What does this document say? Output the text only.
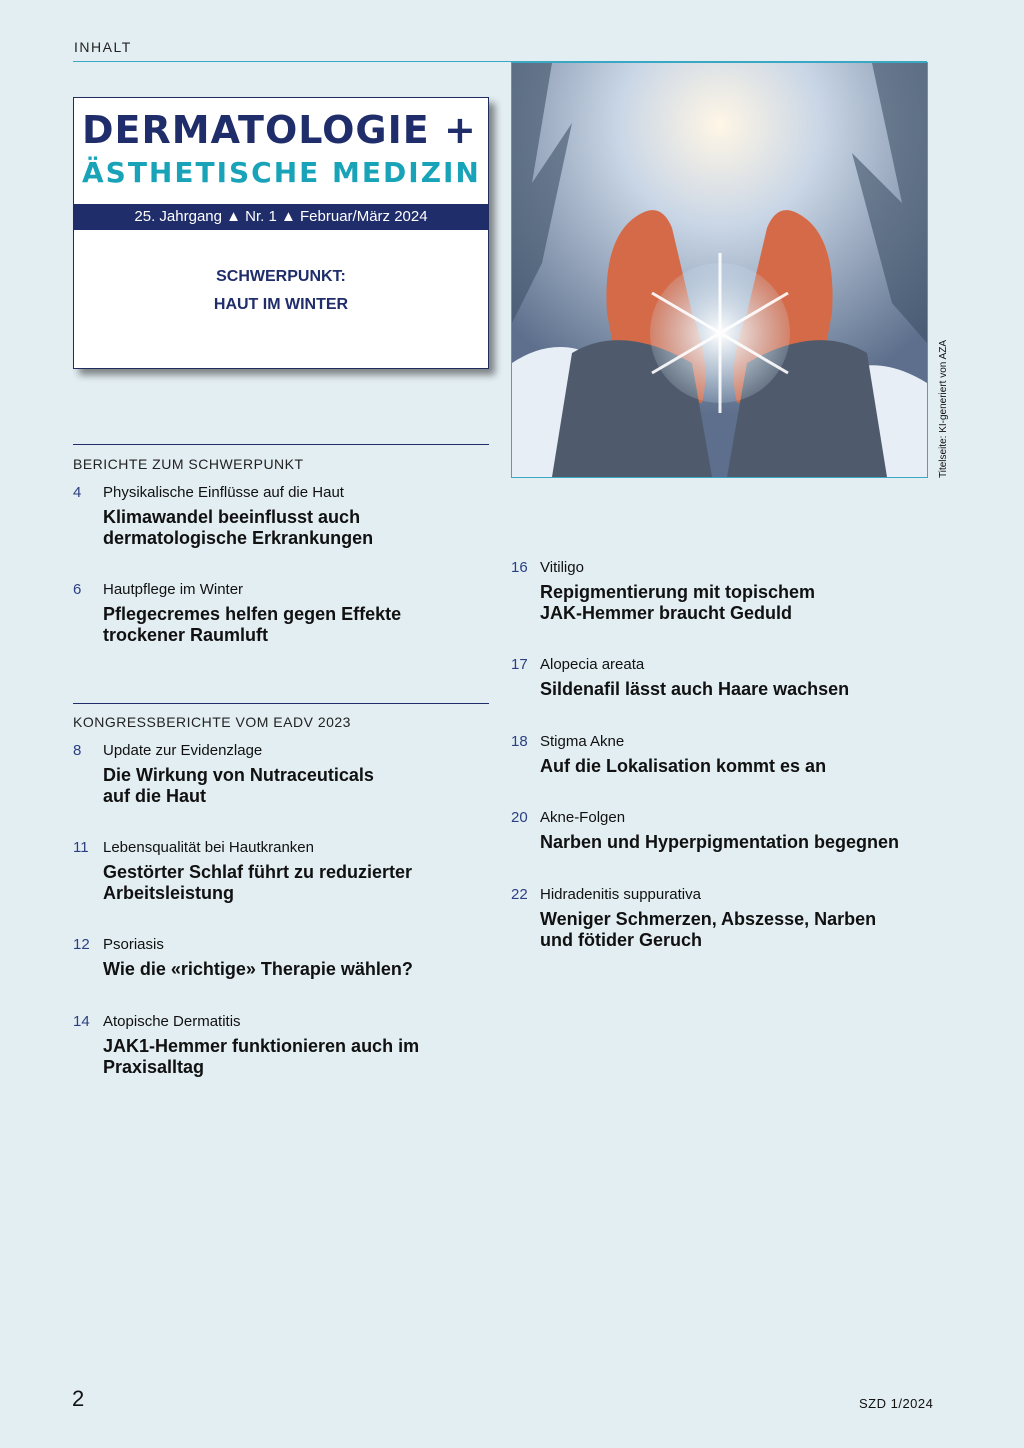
INHALT
DERMATOLOGIE +
ÄSTHETISCHE MEDIZIN
25. Jahrgang ▲ Nr. 1 ▲ Februar/März 2024
SCHWERPUNKT:
HAUT IM WINTER
Titelseite: KI-generiert von AZA
BERICHTE ZUM SCHWERPUNKT
4	Physikalische Einflüsse auf die Haut
Klimawandel beeinflusst auch
dermatologische Erkrankungen
6	Hautpflege im Winter
Pflegecremes helfen gegen Effekte
trockener Raumluft
KONGRESSBERICHTE VOM EADV 2023
8	Update zur Evidenzlage
Die Wirkung von Nutraceuticals
auf die Haut
11 Lebensqualität bei Hautkranken
Gestörter Schlaf führt zu reduzierter
Arbeitsleistung
12 Psoriasis
Wie die «richtige» Therapie wählen?
14 Atopische Dermatitis
JAK1-Hemmer funktionieren auch im
Praxisalltag
16 Vitiligo
Repigmentierung mit topischem
JAK-Hemmer braucht Geduld
17 Alopecia areata
Sildenafil lässt auch Haare wachsen
18 Stigma Akne
Auf die Lokalisation kommt es an
20 Akne-Folgen
Narben und Hyperpigmentation begegnen
22 Hidradenitis suppurativa
Weniger Schmerzen, Abszesse, Narben
und fötider Geruch
2	SZD 1/2024
